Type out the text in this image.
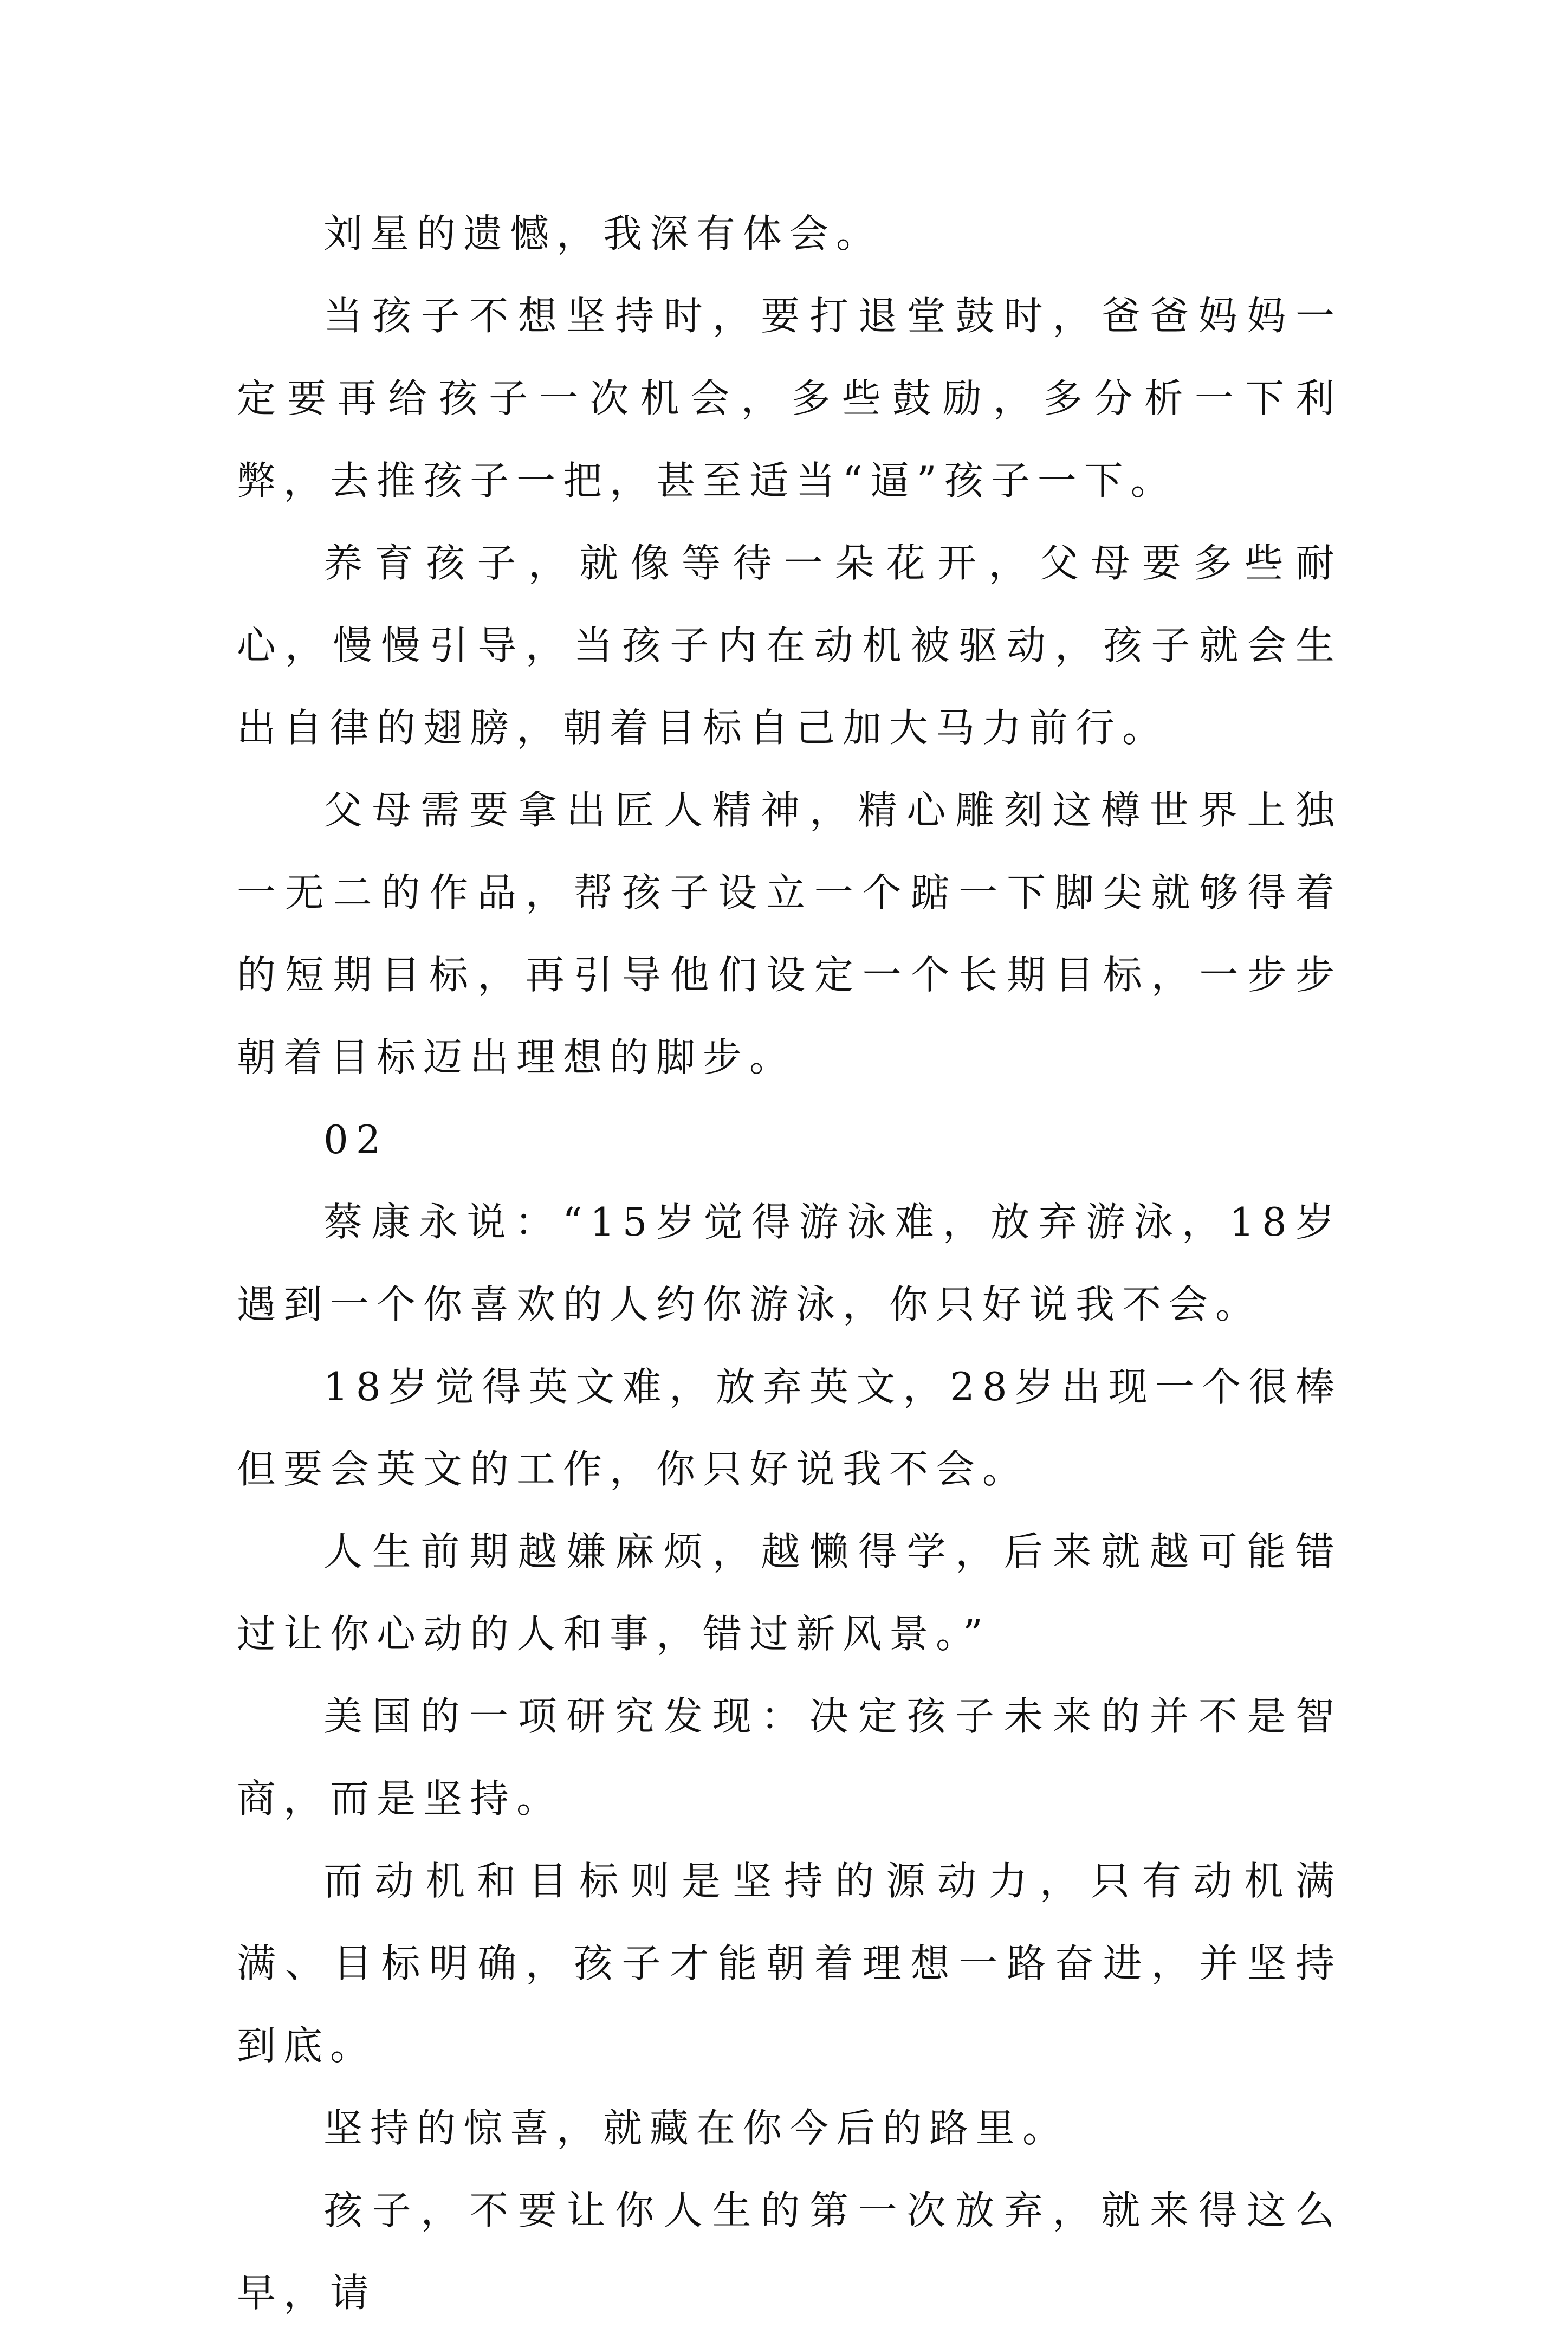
刘星的遗憾，我深有体会。

当孩子不想坚持时，要打退堂鼓时，爸爸妈妈一定要再给孩子一次机会，多些鼓励，多分析一下利弊，去推孩子一把，甚至适当“逼”孩子一下。

养育孩子，就像等待一朵花开，父母要多些耐心，慢慢引导，当孩子内在动机被驱动，孩子就会生出自律的翅膀，朝着目标自己加大马力前行。

父母需要拿出匠人精神，精心雕刻这樽世界上独一无二的作品，帮孩子设立一个踮一下脚尖就够得着的短期目标，再引导他们设定一个长期目标，一步步朝着目标迈出理想的脚步。

02

蔡康永说：“15岁觉得游泳难，放弃游泳，18岁遇到一个你喜欢的人约你游泳，你只好说我不会。

18岁觉得英文难，放弃英文，28岁出现一个很棒但要会英文的工作，你只好说我不会。

人生前期越嫌麻烦，越懒得学，后来就越可能错过让你心动的人和事，错过新风景。”

美国的一项研究发现：决定孩子未来的并不是智商，而是坚持。

而动机和目标则是坚持的源动力，只有动机满满、目标明确，孩子才能朝着理想一路奋进，并坚持到底。

坚持的惊喜，就藏在你今后的路里。

孩子，不要让你人生的第一次放弃，就来得这么早，请
